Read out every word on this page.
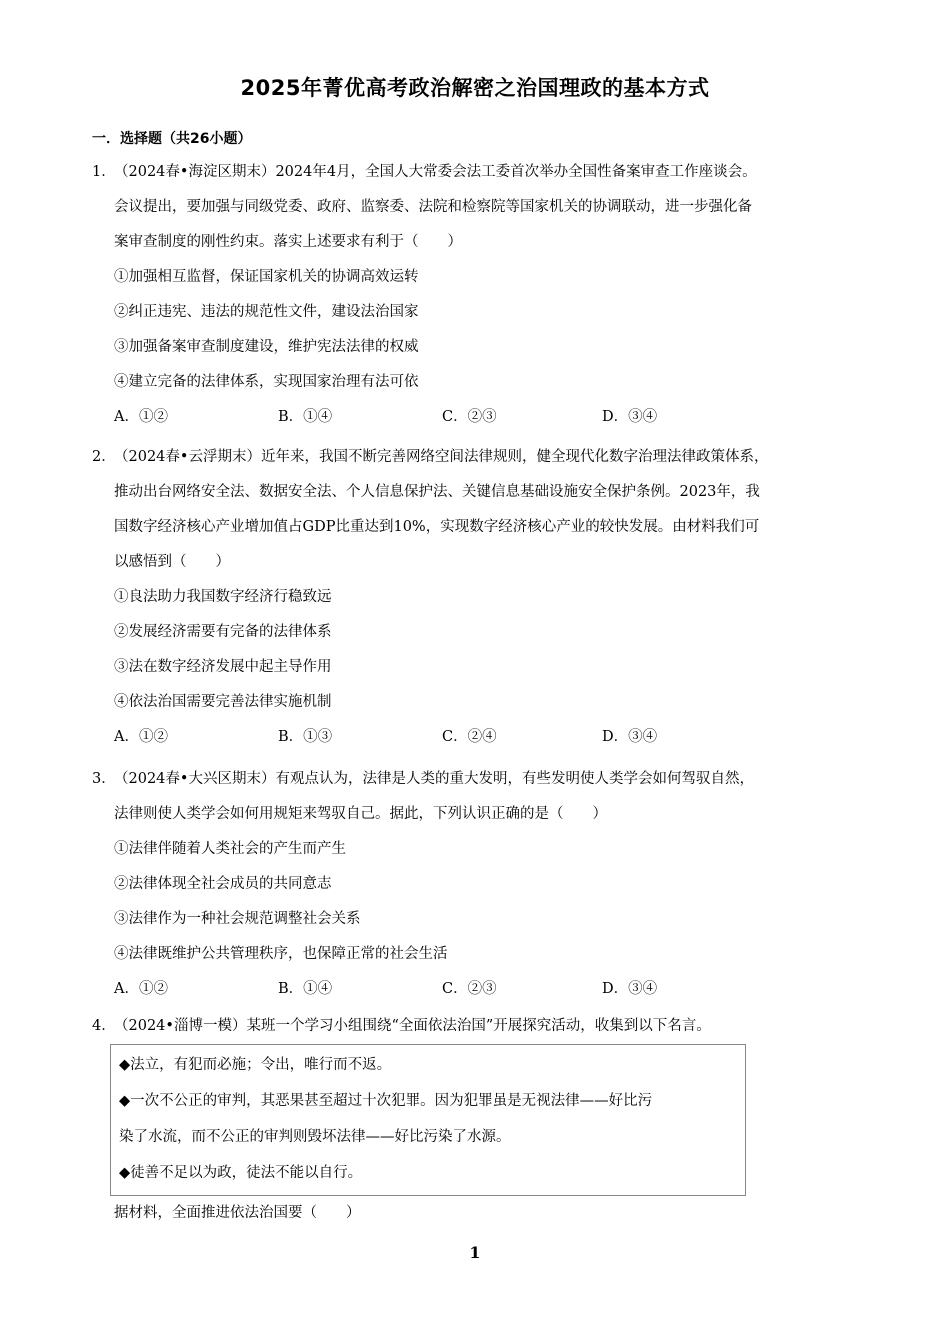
2025年菁优高考政治解密之治国理政的基本方式
一．选择题（共26小题）
1．（2024春•海淀区期末）2024年4月，全国人大常委会法工委首次举办全国性备案审查工作座谈会。
会议提出，要加强与同级党委、政府、监察委、法院和检察院等国家机关的协调联动，进一步强化备
案审查制度的刚性约束。落实上述要求有利于（　　）
①加强相互监督，保证国家机关的协调高效运转
②纠正违宪、违法的规范性文件，建设法治国家
③加强备案审查制度建设，维护宪法法律的权威
④建立完备的法律体系，实现国家治理有法可依
A．①②	B．①④	C．②③	D．③④
2．（2024春•云浮期末）近年来，我国不断完善网络空间法律规则，健全现代化数字治理法律政策体系，
推动出台网络安全法、数据安全法、个人信息保护法、关键信息基础设施安全保护条例。2023年，我
国数字经济核心产业增加值占GDP比重达到10%，实现数字经济核心产业的较快发展。由材料我们可
以感悟到（　　）
①良法助力我国数字经济行稳致远
②发展经济需要有完备的法律体系
③法在数字经济发展中起主导作用
④依法治国需要完善法律实施机制
A．①②	B．①③	C．②④	D．③④
3．（2024春•大兴区期末）有观点认为，法律是人类的重大发明，有些发明使人类学会如何驾驭自然，
法律则使人类学会如何用规矩来驾驭自己。据此，下列认识正确的是（　　）
①法律伴随着人类社会的产生而产生
②法律体现全社会成员的共同意志
③法律作为一种社会规范调整社会关系
④法律既维护公共管理秩序，也保障正常的社会生活
A．①②	B．①④	C．②③	D．③④
4．（2024•淄博一模）某班一个学习小组围绕“全面依法治国”开展探究活动，收集到以下名言。
◆法立，有犯而必施；令出，唯行而不返。
◆一次不公正的审判，其恶果甚至超过十次犯罪。因为犯罪虽是无视法律——好比污
染了水流，而不公正的审判则毁坏法律——好比污染了水源。
◆徒善不足以为政，徒法不能以自行。
据材料，全面推进依法治国要（　　）
1
